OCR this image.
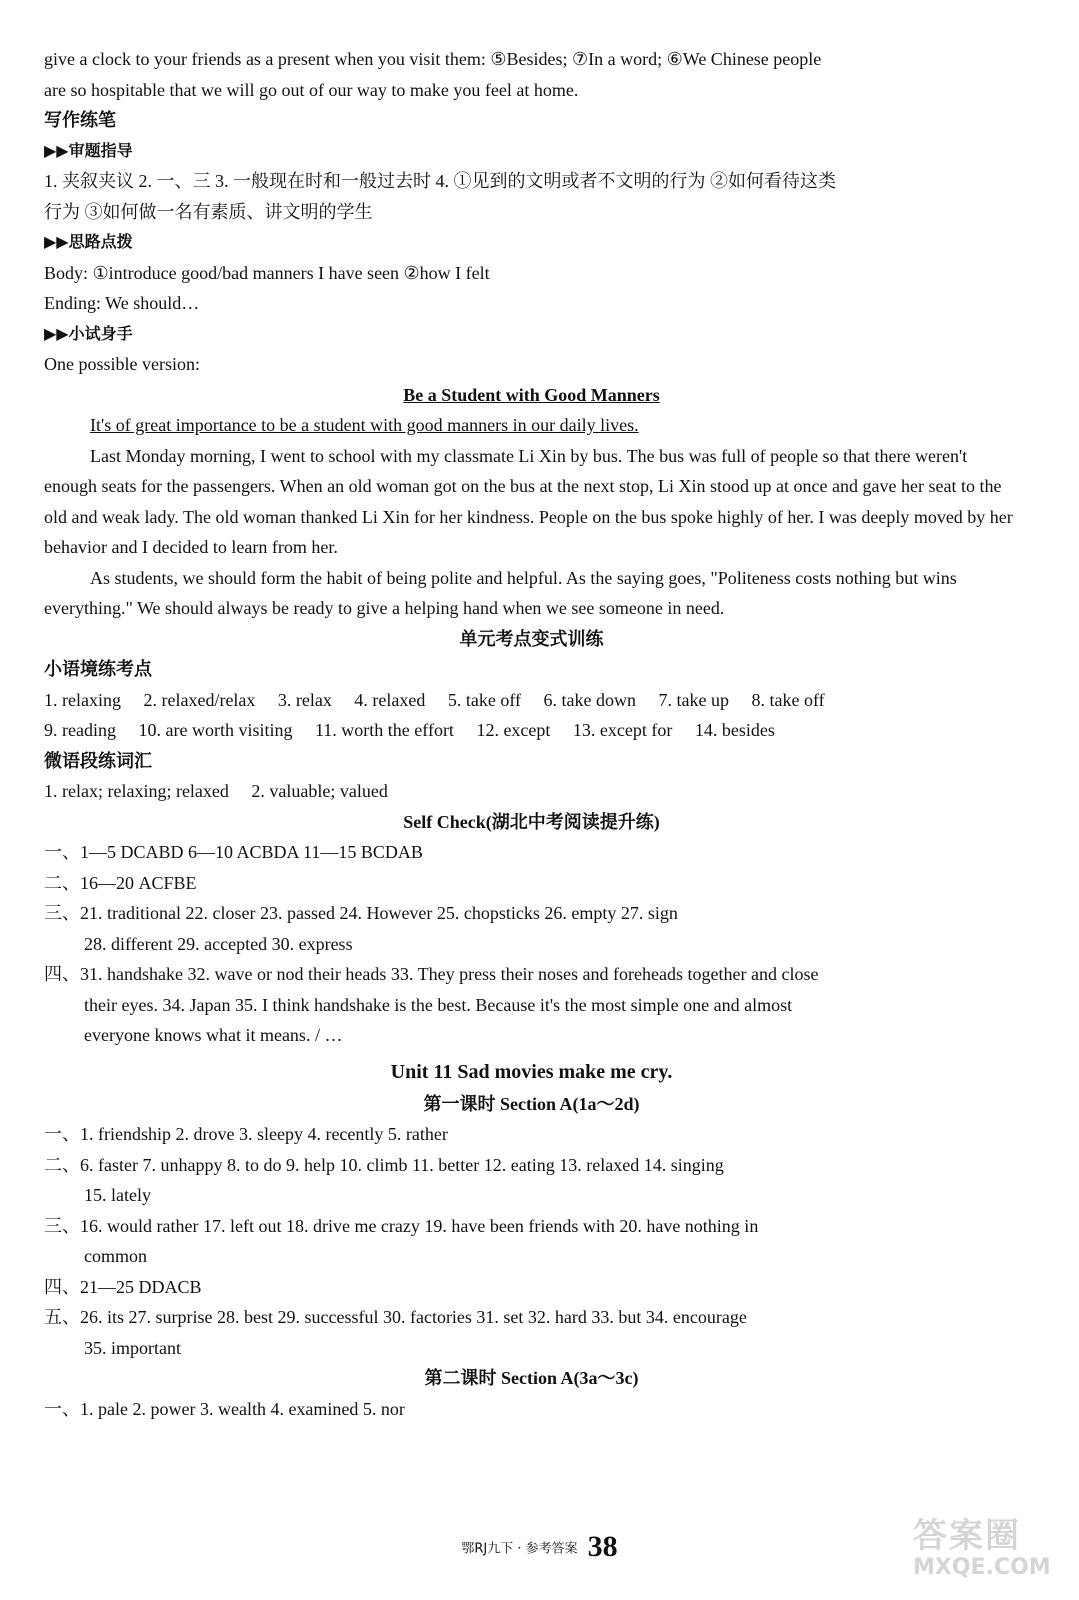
give a clock to your friends as a present when you visit them: ⑤Besides; ⑦In a word; ⑥We Chinese people
are so hospitable that we will go out of our way to make you feel at home.
写作练笔
▶▶审题指导
1. 夹叙夹议 2. 一、三 3. 一般现在时和一般过去时 4. ①见到的文明或者不文明的行为 ②如何看待这类
行为 ③如何做一名有素质、讲文明的学生
▶▶思路点拨
Body: ①introduce good/bad manners I have seen ②how I felt
Ending: We should…
▶▶小试身手
One possible version:
Be a Student with Good Manners
It's of great importance to be a student with good manners in our daily lives.
Last Monday morning, I went to school with my classmate Li Xin by bus. The bus was full of people so that there weren't enough seats for the passengers. When an old woman got on the bus at the next stop, Li Xin stood up at once and gave her seat to the old and weak lady. The old woman thanked Li Xin for her kindness. People on the bus spoke highly of her. I was deeply moved by her behavior and I decided to learn from her.
As students, we should form the habit of being polite and helpful. As the saying goes, "Politeness costs nothing but wins everything." We should always be ready to give a helping hand when we see someone in need.
单元考点变式训练
小语境练考点
1. relaxing 2. relaxed/relax 3. relax 4. relaxed 5. take off 6. take down 7. take up 8. take off
9. reading 10. are worth visiting 11. worth the effort 12. except 13. except for 14. besides
微语段练词汇
1. relax; relaxing; relaxed 2. valuable; valued
Self Check(湖北中考阅读提升练)
一、1—5 DCABD 6—10 ACBDA 11—15 BCDAB
二、16—20 ACFBE
三、21. traditional 22. closer 23. passed 24. However 25. chopsticks 26. empty 27. sign
28. different 29. accepted 30. express
四、31. handshake 32. wave or nod their heads 33. They press their noses and foreheads together and close
their eyes. 34. Japan 35. I think handshake is the best. Because it's the most simple one and almost
everyone knows what it means. / …
Unit 11 Sad movies make me cry.
第一课时 Section A(1a～2d)
一、1. friendship 2. drove 3. sleepy 4. recently 5. rather
二、6. faster 7. unhappy 8. to do 9. help 10. climb 11. better 12. eating 13. relaxed 14. singing
15. lately
三、16. would rather 17. left out 18. drive me crazy 19. have been friends with 20. have nothing in
common
四、21—25 DDACB
五、26. its 27. surprise 28. best 29. successful 30. factories 31. set 32. hard 33. but 34. encourage
35. important
第二课时 Section A(3a～3c)
一、1. pale 2. power 3. wealth 4. examined 5. nor
鄂RJ九下 · 参考答案 38	答案圈
MXQE.COM
